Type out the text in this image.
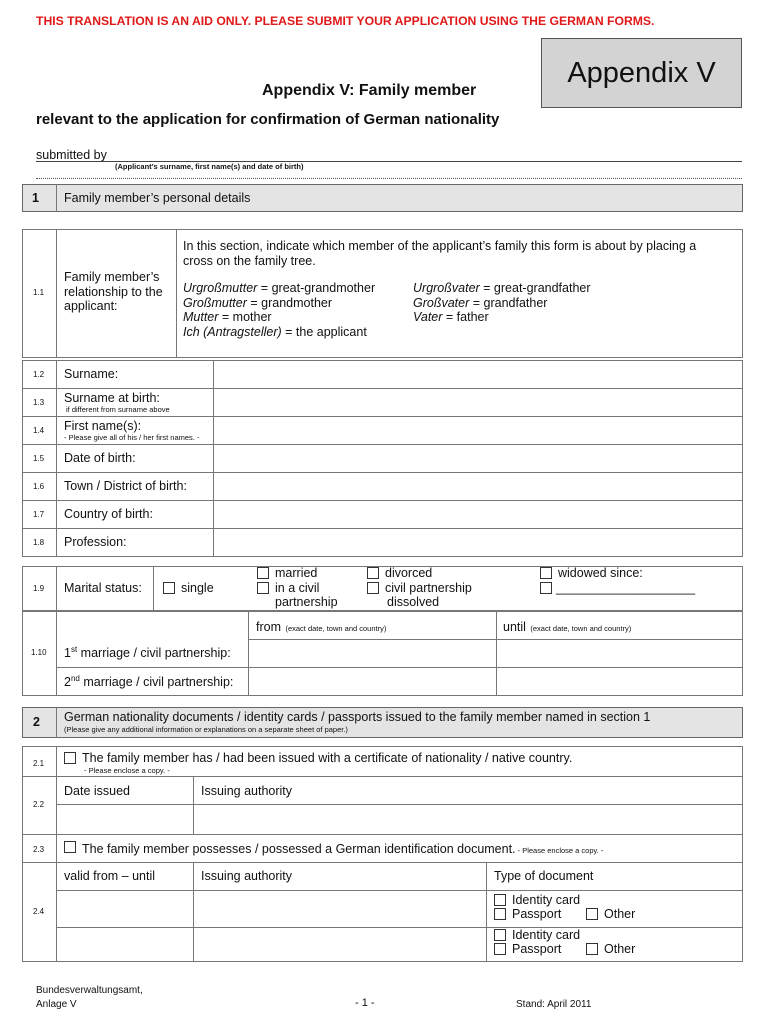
THIS TRANSLATION IS AN AID ONLY. PLEASE SUBMIT YOUR APPLICATION USING THE GERMAN FORMS.
Appendix V
Appendix V: Family member
relevant to the application for confirmation of German nationality
submitted by
(Applicant’s surname, first name(s) and date of birth)
1 Family member’s personal details
1.1
Family member’s
relationship to the
applicant:
In this section, indicate which member of the applicant’s family this form is about by placing a
cross on the family tree.
Urgroßmutter = great-grandmother
Großmutter = grandmother
Mutter = mother
Ich (Antragsteller) = the applicant
Urgroßvater = great-grandfather
Großvater = grandfather
Vater = father
1.2 Surname:
1.3 Surname at birth:
if different from surname above
1.4 First name(s):
- Please give all of his / her first names. -
1.5 Date of birth:
1.6 Town / District of birth:
1.7 Country of birth:
1.8 Profession:
1.9 Marital status:	single
married
in a civil
partnership
divorced
civil partnership
dissolved
widowed since:
____________________
from (exact date, town and country)	until (exact date, town and country)
1.10 1st marriage / civil partnership:
2nd marriage / civil partnership:
2 German nationality documents / identity cards / passports issued to the family member named in section 1
(Please give any additional information or explanations on a separate sheet of paper.)
2.1	The family member has / had been issued with a certificate of nationality / native country.
- Please enclose a copy. -
2.2
Date issued	Issuing authority
2.3	The family member possesses / possessed a German identification document. - Please enclose a copy. -
2.4
valid from – until	Issuing authority	Type of document
Identity card
Passport	Other
Identity card
Passport	Other
Bundesverwaltungsamt,
Anlage V	- 1 -	Stand: April 2011
